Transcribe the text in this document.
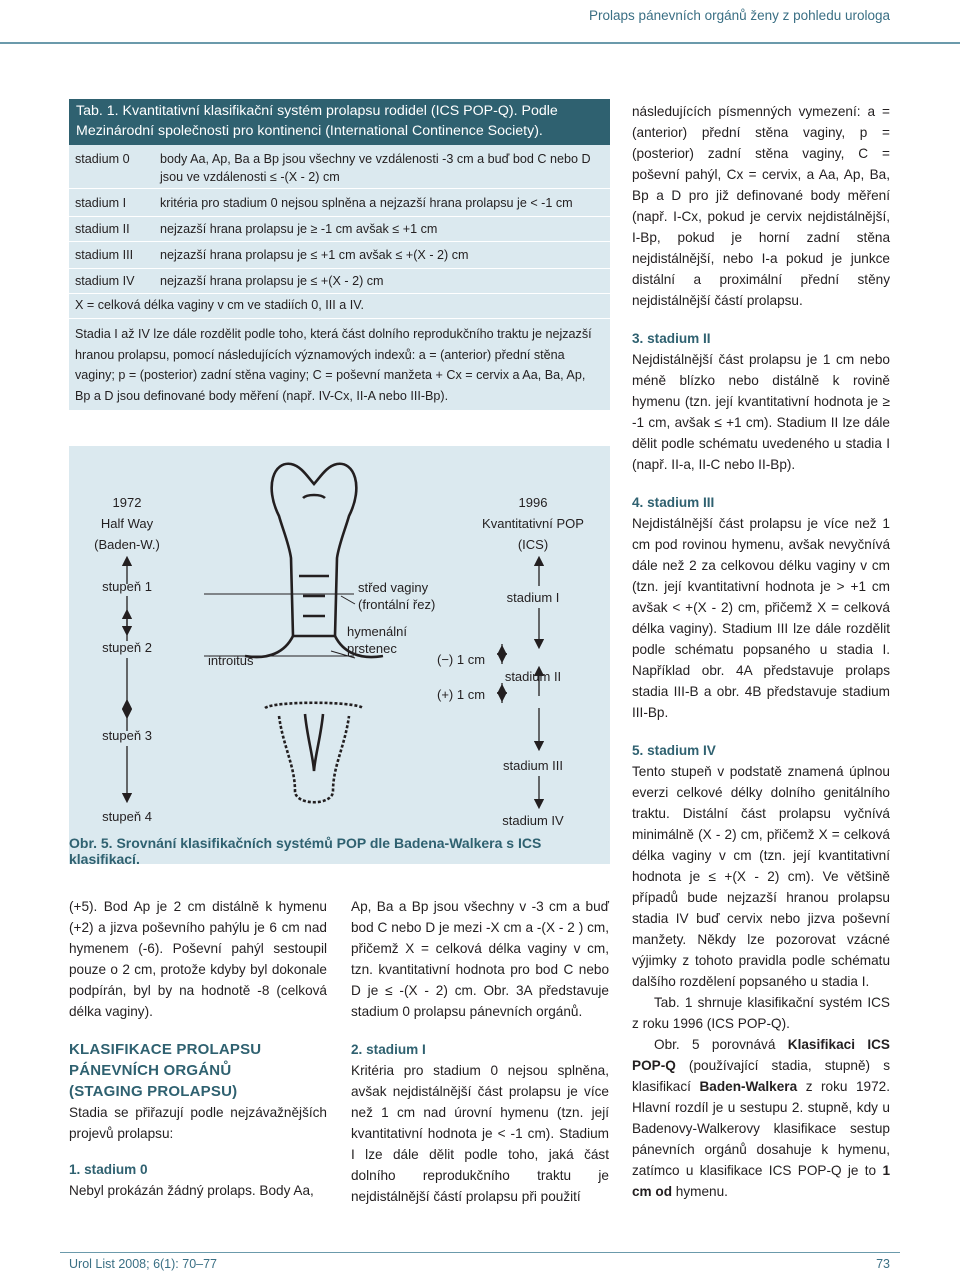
Prolaps pánevních orgánů ženy z pohledu urologa
Tab. 1. Kvantitativní klasifikační systém prolapsu rodidel (ICS POP-Q). Podle Mezinárodní společnosti pro kontinenci (International Continence Society).
stadium 0 body Aa, Ap, Ba a Bp jsou všechny ve vzdálenosti -3 cm a buď bod C nebo D jsou ve vzdálenosti ≤ -(X - 2) cm
stadium I	kritéria pro stadium 0 nejsou splněna a nejzazší hrana prolapsu je < -1 cm
stadium II nejzazší hrana prolapsu je ≥ -1 cm avšak ≤ +1 cm
stadium III nejzazší hrana prolapsu je ≤ +1 cm avšak ≤ +(X - 2) cm
stadium IV nejzazší hrana prolapsu je ≤ +(X - 2) cm
X = celková délka vaginy v cm ve stadiích 0, III a IV.
Stadia I až IV lze dále rozdělit podle toho, která část dolního reprodukčního traktu je nejzazší hranou prolapsu, pomocí následujících významových indexů: a = (anterior) přední stěna vaginy; p = (posterior) zadní stěna vaginy; C = poševní manžeta + Cx = cervix a Aa, Ba, Ap, Bp a D jsou definované body měření (např. IV-Cx, II-A nebo III-Bp).
1972
Half Way
(Baden-W.)
stupeň 1
stupeň 2
stupeň 3
stupeň 4
střed vaginy
(frontální řez)
hymenální
prstenec
introitus	(−) 1 cm
(+) 1 cm
1996
Kvantitativní POP
(ICS)
stadium I
stadium II
stadium III
stadium IV
Obr. 5. Srovnání klasifikačních systémů POP dle Badena-Walkera s ICS klasifikací.

(+5). Bod Ap je 2 cm distálně k hymenu (+2) a jizva poševního pahýlu je 6 cm nad hymenem (-6). Poševní pahýl sestoupil pouze o 2 cm, protože kdyby byl dokonale podpírán, byl by na hodnotě -8 (celková délka vaginy).

KLASIFIKACE PROLAPSU PÁNEVNÍCH ORGÁNŮ (STAGING PROLAPSU)

Stadia se přiřazují podle nejzávažnějších projevů prolapsu:

1. stadium 0

Nebyl prokázán žádný prolaps. Body Aa,

Ap, Ba a Bp jsou všechny v -3 cm a buď bod C nebo D je mezi -X cm a -(X - 2 ) cm, přičemž X = celková délka vaginy v cm, tzn. kvantitativní hodnota pro bod C nebo D je ≤ -(X - 2) cm. Obr. 3A představuje stadium 0 prolapsu pánevních orgánů.

2. stadium I

Kritéria pro stadium 0 nejsou splněna, avšak nejdistálnější část prolapsu je více než 1 cm nad úrovní hymenu (tzn. její kvantitativní hodnota je < -1 cm). Stadium I lze dále dělit podle toho, jaká část dolního reprodukčního traktu je nejdistálnější částí prolapsu při použití

následujících písmenných vymezení: a = (anterior) přední stěna vaginy, p = (posterior) zadní stěna vaginy, C = poševní pahýl, Cx = cervix, a Aa, Ap, Ba, Bp a D pro již definované body měření (např. I-Cx, pokud je cervix nejdistálnější, I-Bp, pokud je horní zadní stěna nejdistálnější, nebo I-a pokud je junkce distální a proximální přední stěny nejdistálnější částí prolapsu.

3. stadium II

Nejdistálnější část prolapsu je 1 cm nebo méně blízko nebo distálně k rovině hymenu (tzn. její kvantitativní hodnota je ≥ -1 cm, avšak ≤ +1 cm). Stadium II lze dále dělit podle schématu uvedeného u stadia I (např. II-a, II-C nebo II-Bp).

4. stadium III

Nejdistálnější část prolapsu je více než 1 cm pod rovinou hymenu, avšak nevyčnívá dále než 2 za celkovou délku vaginy v cm (tzn. její kvantitativní hodnota je > +1 cm avšak < +(X - 2) cm, přičemž X = celková délka vaginy). Stadium III lze dále rozdělit podle schématu popsaného u stadia I. Například obr. 4A představuje prolaps stadia III-B a obr. 4B představuje stadium III-Bp.

5. stadium IV

Tento stupeň v podstatě znamená úplnou everzi celkové délky dolního genitálního traktu. Distální část prolapsu vyčnívá minimálně (X - 2) cm, přičemž X = celková délka vaginy v cm (tzn. její kvantitativní hodnota je ≤ +(X - 2) cm). Ve většině případů bude nejzazší hranou prolapsu stadia IV buď cervix nebo jizva poševní manžety. Někdy lze pozorovat vzácné výjimky z tohoto pravidla podle schématu dalšího rozdělení popsaného u stadia I.

Tab. 1 shrnuje klasifikační systém ICS z roku 1996 (ICS POP-Q).

Obr. 5 porovnává Klasifikaci ICS POP-Q (používající stadia, stupně) s klasifikací Baden-Walkera z roku 1972. Hlavní rozdíl je u sestupu 2. stupně, kdy u Badenovy-Walkerovy klasifikace sestup pánevních orgánů dosahuje k hymenu, zatímco u klasifikace ICS POP-Q je to 1 cm od hymenu.

Urol List 2008; 6(1): 70–77	73
